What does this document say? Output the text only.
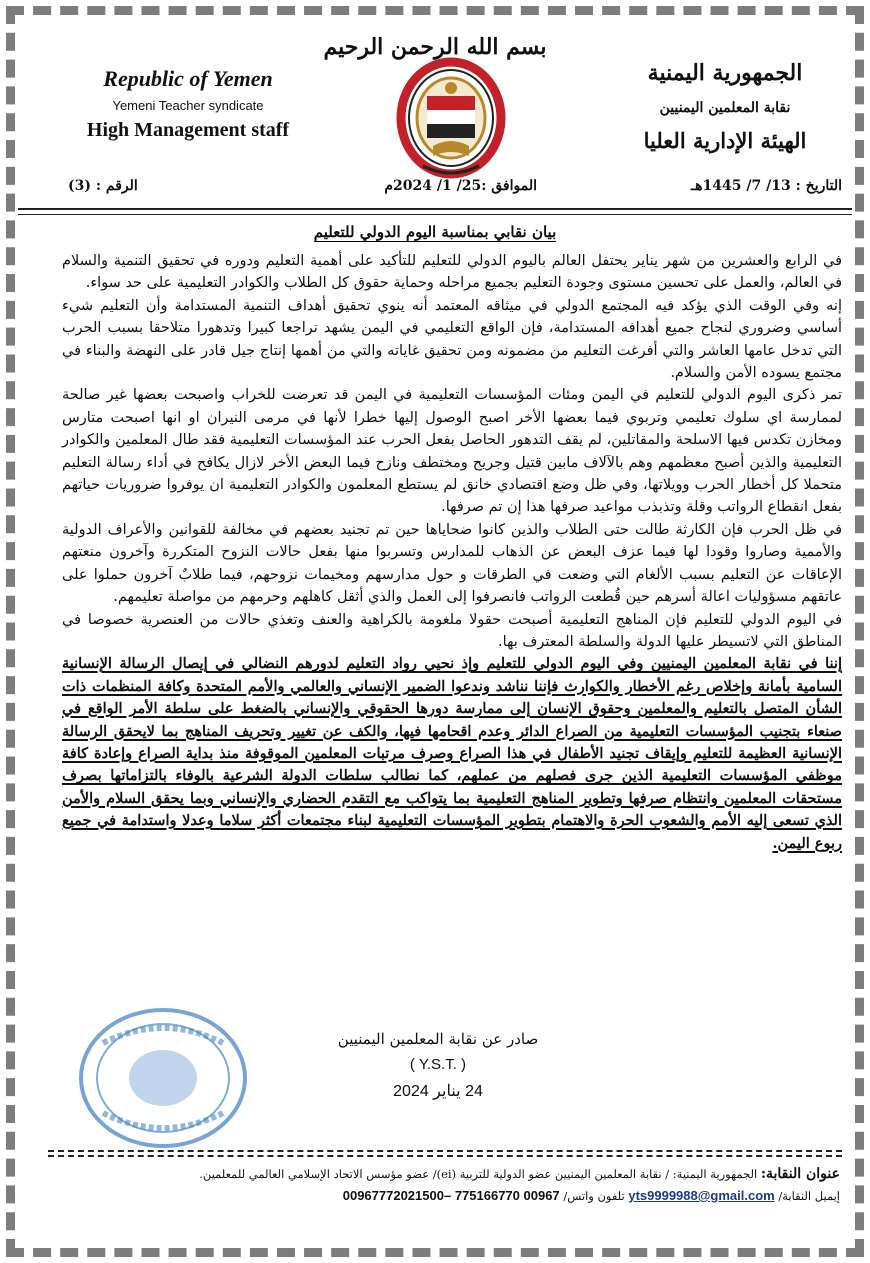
بسم الله الرحمن الرحيم
Republic of Yemen
Yemeni Teacher syndicate
High Management staff
الجمهورية اليمنية
نقابة المعلمين اليمنيين
الهيئة الإدارية العليا
التاريخ : 13/ 7/ 1445هـ
الموافق :25/ 1/ 2024م
الرقم : (3)
بيان نقابي بمناسبة اليوم الدولي للتعليم

في الرابع والعشرين من شهر يناير يحتفل العالم باليوم الدولي للتعليم للتأكيد على أهمية التعليم ودوره في تحقيق التنمية والسلام في العالم، والعمل على تحسين مستوى وجودة التعليم بجميع مراحله وحماية حقوق كل الطلاب والكوادر التعليمية على حد سواء.

إنه وفي الوقت الذي يؤكد فيه المجتمع الدولي في ميثاقه المعتمد أنه ينوي تحقيق أهداف التنمية المستدامة وأن التعليم شيء أساسي وضروري لنجاح جميع أهدافه المستدامة، فإن الواقع التعليمي في اليمن يشهد تراجعا كبيرا وتدهورا متلاحقا بسبب الحرب التي تدخل عامها العاشر والتي أفرغت التعليم من مضمونه ومن تحقيق غاياته والتي من أهمها إنتاج جيل قادر على النهضة والبناء في مجتمع يسوده الأمن والسلام.

تمر ذكرى اليوم الدولي للتعليم في اليمن ومئات المؤسسات التعليمية في اليمن قد تعرضت للخراب واصبحت بعضها غير صالحة لممارسة اي سلوك تعليمي وتربوي فيما بعضها الأخر اصبح الوصول إليها خطرا لأنها في مرمى النيران او انها اصبحت متارس ومخازن تكدس فيها الاسلحة والمقاتلين، لم يقف التدهور الحاصل بفعل الحرب عند المؤسسات التعليمية فقد طال المعلمين والكوادر التعليمية والذين أصبح معظمهم وهم بالآلاف مابين قتيل وجريح ومختطف ونازح فيما البعض الأخر لازال يكافح في أداء رسالة التعليم متحملا كل أخطار الحرب وويلاتها، وفي ظل وضع اقتصادي خانق لم يستطع المعلمون والكوادر التعليمية ان يوفروا ضروريات حياتهم بفعل انقطاع الرواتب وقلة وتذبذب مواعيد صرفها هذا إن تم صرفها.

في ظل الحرب فإن الكارثة طالت حتى الطلاب والذين كانوا ضحاياها حين تم تجنيد بعضهم في مخالفة للقوانين والأعراف الدولية والأممية وصاروا وقودا لها فيما عزف البعض عن الذهاب للمدارس وتسربوا منها بفعل حالات النزوح المتكررة وآخرون منعتهم الإعاقات عن التعليم بسبب الألغام التي وضعت في الطرقات و حول مدارسهم ومخيمات نزوحهم، فيما طلابٌ آخرون حملوا على عاتقهم مسؤوليات اعالة أسرهم حين قُطعت الرواتب فانصرفوا إلى العمل والذي أثقل كاهلهم وحرمهم من مواصلة تعليمهم.

في اليوم الدولي للتعليم فإن المناهج التعليمية أصبحت حقولا ملغومة بالكراهية والعنف وتغذي حالات من العنصرية خصوصا في المناطق التي لاتسيطر عليها الدولة والسلطة المعترف بها.

إننا في نقابة المعلمين اليمنيين وفي اليوم الدولي للتعليم وإذ نحيي رواد التعليم لدورهم النضالي في إيصال الرسالة الإنسانية السامية بأمانة وإخلاص رغم الأخطار والكوارث فإننا نناشد وندعوا الضمير الإنساني والعالمي والأمم المتحدة وكافة المنظمات ذات الشأن المتصل بالتعليم والمعلمين وحقوق الإنسان إلى ممارسة دورها الحقوقي والإنساني بالضغط على سلطة الأمر الواقع في صنعاء بتجنيب المؤسسات التعليمية من الصراع الدائر وعدم اقحامها فيها، والكف عن تغيير وتحريف المناهج بما لايحقق الرسالة الإنسانية العظيمة للتعليم وإيقاف تجنيد الأطفال في هذا الصراع وصرف مرتبات المعلمين الموقوفة منذ بداية الصراع وإعادة كافة موظفي المؤسسات التعليمية الذين جرى فصلهم من عملهم، كما نطالب سلطات الدولة الشرعية بالوفاء بالتزاماتها بصرف مستحقات المعلمين وانتظام صرفها وتطوير المناهج التعليمية بما يتواكب مع التقدم الحضاري والإنساني وبما يحقق السلام والأمن الذي تسعى إليه الأمم والشعوب الحرة والاهتمام بتطوير المؤسسات التعليمية لبناء مجتمعات أكثر سلاما وعدلا واستدامة في جميع ربوع اليمن.

صادر عن نقابة المعلمين اليمنيين
( Y.S.T. )
24 يناير 2024
عنوان النقابة: الجمهورية اليمنية: / نقابة المعلمين اليمنيين عضو الدولية للتربية (ei)/ عضو مؤسس الاتحاد الإسلامي العالمي للمعلمين.
إيميل النقابة/ yts9999988@gmail.com تلفون واتس/ 00967 775166770 –00967772021500
